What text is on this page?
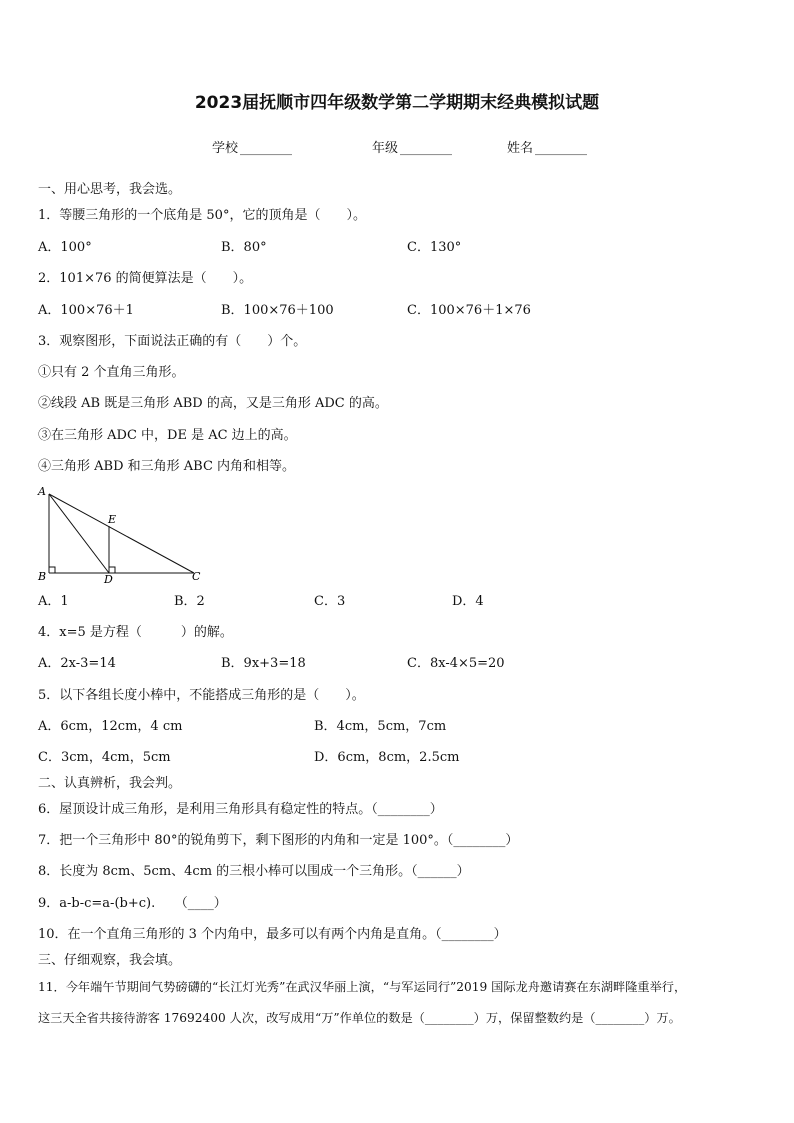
2023届抚顺市四年级数学第二学期期末经典模拟试题
学校 ________	年级 ________	姓名 ________
一、用心思考，我会选。
1．等腰三角形的一个底角是 50°，它的顶角是（　　）。
A．100°	B．80°	C．130°
2．101×76 的简便算法是（　　）。
A．100×76＋1	B．100×76＋100	C．100×76＋1×76
3．观察图形，下面说法正确的有（　　）个。
①只有 2 个直角三角形。
②线段 AB 既是三角形 ABD 的高，又是三角形 ADC 的高。
③在三角形 ADC 中，DE 是 AC 边上的高。
④三角形 ABD 和三角形 ABC 内角和相等。
A
B	C
D
E
A．1	B．2	C．3	D．4
4．x=5 是方程（　　　）的解。
A．2x-3=14	B．9x+3=18	C．8x-4×5=20
5．以下各组长度小棒中，不能搭成三角形的是（　　）。
A．6cm，12cm，4 cm	B．4cm，5cm，7cm
C．3cm，4cm，5cm	D．6cm，8cm，2.5cm
二、认真辨析，我会判。
6．屋顶设计成三角形，是利用三角形具有稳定性的特点。（________）
7．把一个三角形中 80°的锐角剪下，剩下图形的内角和一定是 100°。（________）
8．长度为 8cm、5cm、4cm 的三根小棒可以围成一个三角形。（______）
9．a-b-c=a-(b+c).　　（____）
10．在一个直角三角形的 3 个内角中，最多可以有两个内角是直角。（________）
三、仔细观察，我会填。
11．今年端午节期间气势磅礴的“长江灯光秀”在武汉华丽上演，“与军运同行”2019 国际龙舟邀请赛在东湖畔隆重举行，
这三天全省共接待游客 17692400 人次，改写成用“万”作单位的数是（________）万，保留整数约是（________）万。
